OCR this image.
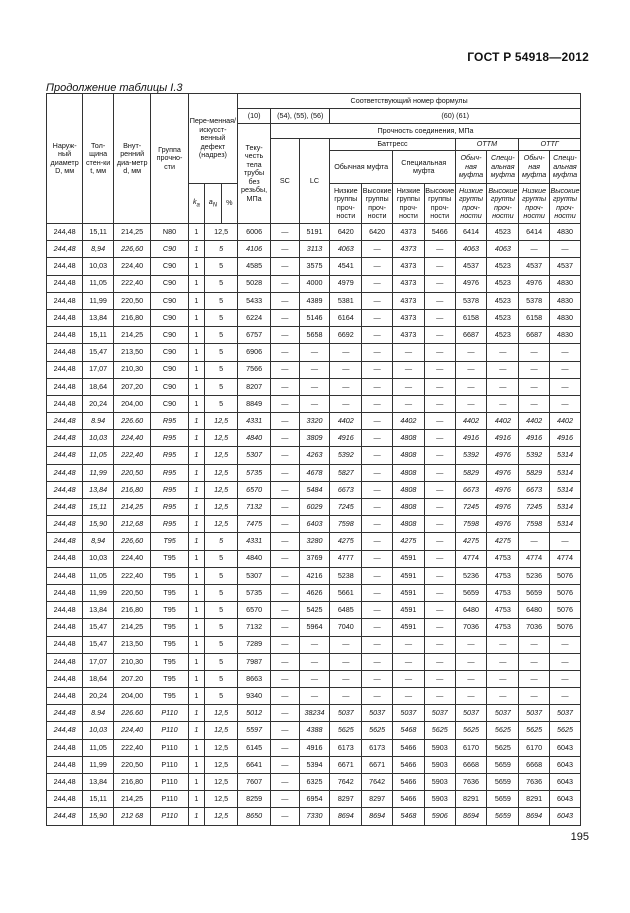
ГОСТ Р 54918—2012
Продолжение таблицы I.3
Наруж-ный диаметр D, мм	Тол-щина стен-ки t, мм	Внут-ренний диа-метр d, мм	Группа прочно-сти	Пере-менная/ искусст-венный дефект (надрез)			Соответствующий номер формулы										
							(10)	(54), (55), (56)		(60) (61)							
							Теку-честь тела трубы без резьбы, МПа	Прочность соединения, МПа									
								SC	LC	Баттресс				ОТТМ		ОТТГ	
										Обычная муфта		Специальная муфта		Обыч-ная муфта	Специ-альная муфта	Обыч-ная муфта	Специ-альная муфта
				$k_a$	$a_N$	%				Низкие группы проч-ности	Высокие группы проч-ности	Низкие группы проч-ности	Высокие группы проч-ности	Низкие группы проч-ности	Высокие группы проч-ности	Низкие группы проч-ности	Высокие группы проч-ности
244,48	15,11	214,25	N80	1	12,5		6006	—	5191	6420	6420	4373	5466	6414	4523	6414	4830
244,48	8,94	226,60	C90	1	5		4106	—	3113	4063	—	4373	—	4063	4063	—	—
244,48	10,03	224,40	C90	1	5		4585	—	3575	4541	—	4373	—	4537	4523	4537	4537
244,48	11,05	222,40	C90	1	5		5028	—	4000	4979	—	4373	—	4976	4523	4976	4830
244,48	11,99	220,50	C90	1	5		5433	—	4389	5381	—	4373	—	5378	4523	5378	4830
244,48	13,84	216,80	C90	1	5		6224	—	5146	6164	—	4373	—	6158	4523	6158	4830
244,48	15,11	214,25	C90	1	5		6757	—	5658	6692	—	4373	—	6687	4523	6687	4830
244,48	15,47	213,50	C90	1	5		6906	—	—	—	—	—	—	—	—	—	—
244,48	17,07	210,30	C90	1	5		7566	—	—	—	—	—	—	—	—	—	—
244,48	18,64	207,20	C90	1	5		8207	—	—	—	—	—	—	—	—	—	—
244,48	20,24	204,00	C90	1	5		8849	—	—	—	—	—	—	—	—	—	—
244,48	8.94	226.60	R95	1	12,5		4331	—	3320	4402	—	4402	—	4402	4402	4402	4402
244,48	10,03	224,40	R95	1	12,5		4840	—	3809	4916	—	4808	—	4916	4916	4916	4916
244,48	11,05	222,40	R95	1	12,5		5307	—	4263	5392	—	4808	—	5392	4976	5392	5314
244,48	11,99	220,50	R95	1	12,5		5735	—	4678	5827	—	4808	—	5829	4976	5829	5314
244,48	13,84	216,80	R95	1	12,5		6570	—	5484	6673	—	4808	—	6673	4976	6673	5314
244,48	15,11	214,25	R95	1	12,5		7132	—	6029	7245	—	4808	—	7245	4976	7245	5314
244,48	15,90	212,68	R95	1	12,5		7475	—	6403	7598	—	4808	—	7598	4976	7598	5314
244,48	8,94	226,60	T95	1	5		4331	—	3280	4275	—	4275	—	4275	4275	—	—
244,48	10,03	224,40	T95	1	5		4840	—	3769	4777	—	4591	—	4774	4753	4774	4774
244,48	11,05	222,40	T95	1	5		5307	—	4216	5238	—	4591	—	5236	4753	5236	5076
244,48	11,99	220,50	T95	1	5		5735	—	4626	5661	—	4591	—	5659	4753	5659	5076
244,48	13,84	216,80	T95	1	5		6570	—	5425	6485	—	4591	—	6480	4753	6480	5076
244,48	15,47	214,25	T95	1	5		7132	—	5964	7040	—	4591	—	7036	4753	7036	5076
244,48	15,47	213,50	T95	1	5		7289	—	—	—	—	—	—	—	—	—	—
244,48	17,07	210,30	T95	1	5		7987	—	—	—	—	—	—	—	—	—	—
244,48	18,64	207.20	T95	1	5		8663	—	—	—	—	—	—	—	—	—	—
244,48	20,24	204,00	T95	1	5		9340	—	—	—	—	—	—	—	—	—	—
244,48	8.94	226.60	P110	1	12,5		5012	—	38234	5037	5037	5037	5037	5037	5037	5037	5037
244,48	10,03	224,40	P110	1	12,5		5597	—	4388	5625	5625	5468	5625	5625	5625	5625	5625
244,48	11,05	222,40	P110	1	12,5		6145	—	4916	6173	6173	5466	5903	6170	5625	6170	6043
244,48	11,99	220,50	P110	1	12,5		6641	—	5394	6671	6671	5466	5903	6668	5659	6668	6043
244,48	13,84	216,80	P110	1	12,5		7607	—	6325	7642	7642	5466	5903	7636	5659	7636	6043
244,48	15,11	214,25	P110	1	12,5		8259	—	6954	8297	8297	5466	5903	8291	5659	8291	6043
244,48	15,90	212 68	P110	1	12,5		8650	—	7330	8694	8694	5468	5906	8694	5659	8694	6043
195
